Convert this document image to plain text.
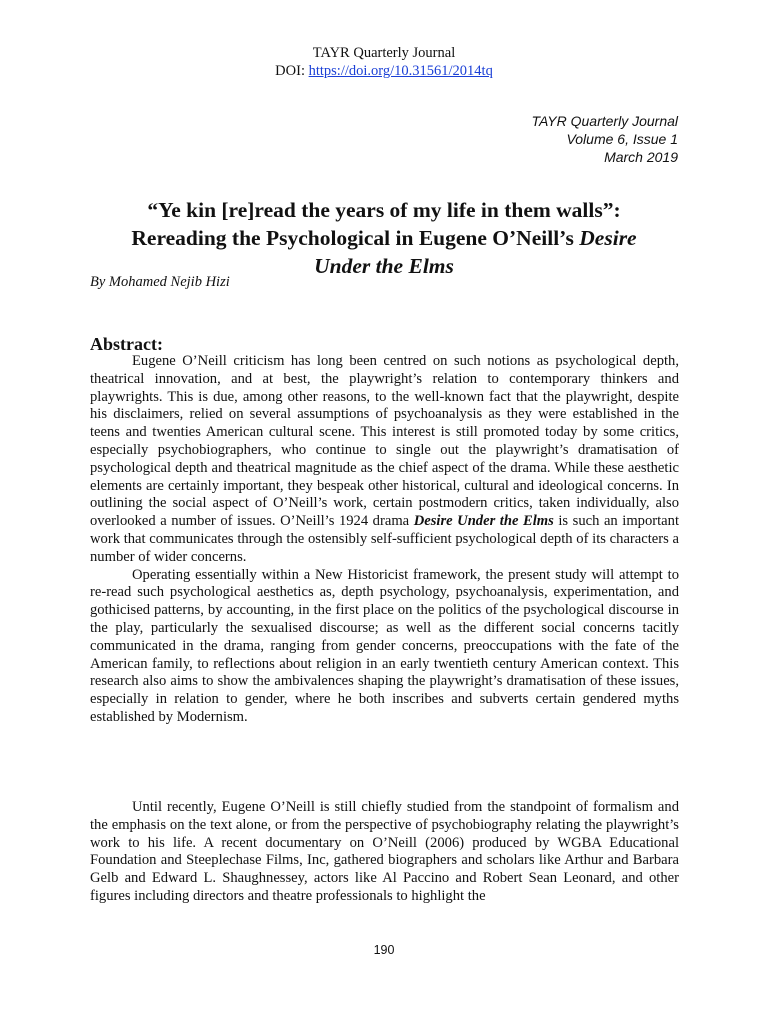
TAYR Quarterly Journal
DOI: https://doi.org/10.31561/2014tq
TAYR Quarterly Journal
Volume 6, Issue 1
March 2019
“Ye kin [re]read the years of my life in them walls”:
Rereading the Psychological in Eugene O’Neill’s Desire
Under the Elms
By Mohamed Nejib Hizi
Abstract:

Eugene O’Neill criticism has long been centred on such notions as psychological depth, theatrical innovation, and at best, the playwright’s relation to contemporary thinkers and playwrights. This is due, among other reasons, to the well-known fact that the playwright, despite his disclaimers, relied on several assumptions of psychoanalysis as they were established in the teens and twenties American cultural scene. This interest is still promoted today by some critics, especially psychobiographers, who continue to single out the playwright’s dramatisation of psychological depth and theatrical magnitude as the chief aspect of the drama. While these aesthetic elements are certainly important, they bespeak other historical, cultural and ideological concerns. In outlining the social aspect of O’Neill’s work, certain postmodern critics, taken individually, also overlooked a number of issues. O’Neill’s 1924 drama Desire Under the Elms is such an important work that communicates through the ostensibly self-sufficient psychological depth of its characters a number of wider concerns.

Operating essentially within a New Historicist framework, the present study will attempt to re-read such psychological aesthetics as, depth psychology, psychoanalysis, experimentation, and gothicised patterns, by accounting, in the first place on the politics of the psychological discourse in the play, particularly the sexualised discourse; as well as the different social concerns tacitly communicated in the drama, ranging from gender concerns, preoccupations with the fate of the American family, to reflections about religion in an early twentieth century American context. This research also aims to show the ambivalences shaping the playwright’s dramatisation of these issues, especially in relation to gender, where he both inscribes and subverts certain gendered myths established by Modernism.

Until recently, Eugene O’Neill is still chiefly studied from the standpoint of formalism and the emphasis on the text alone, or from the perspective of psychobiography relating the playwright’s work to his life. A recent documentary on O’Neill (2006) produced by WGBA Educational Foundation and Steeplechase Films, Inc, gathered biographers and scholars like Arthur and Barbara Gelb and Edward L. Shaughnessey, actors like Al Paccino and Robert Sean Leonard, and other figures including directors and theatre professionals to highlight the

190
